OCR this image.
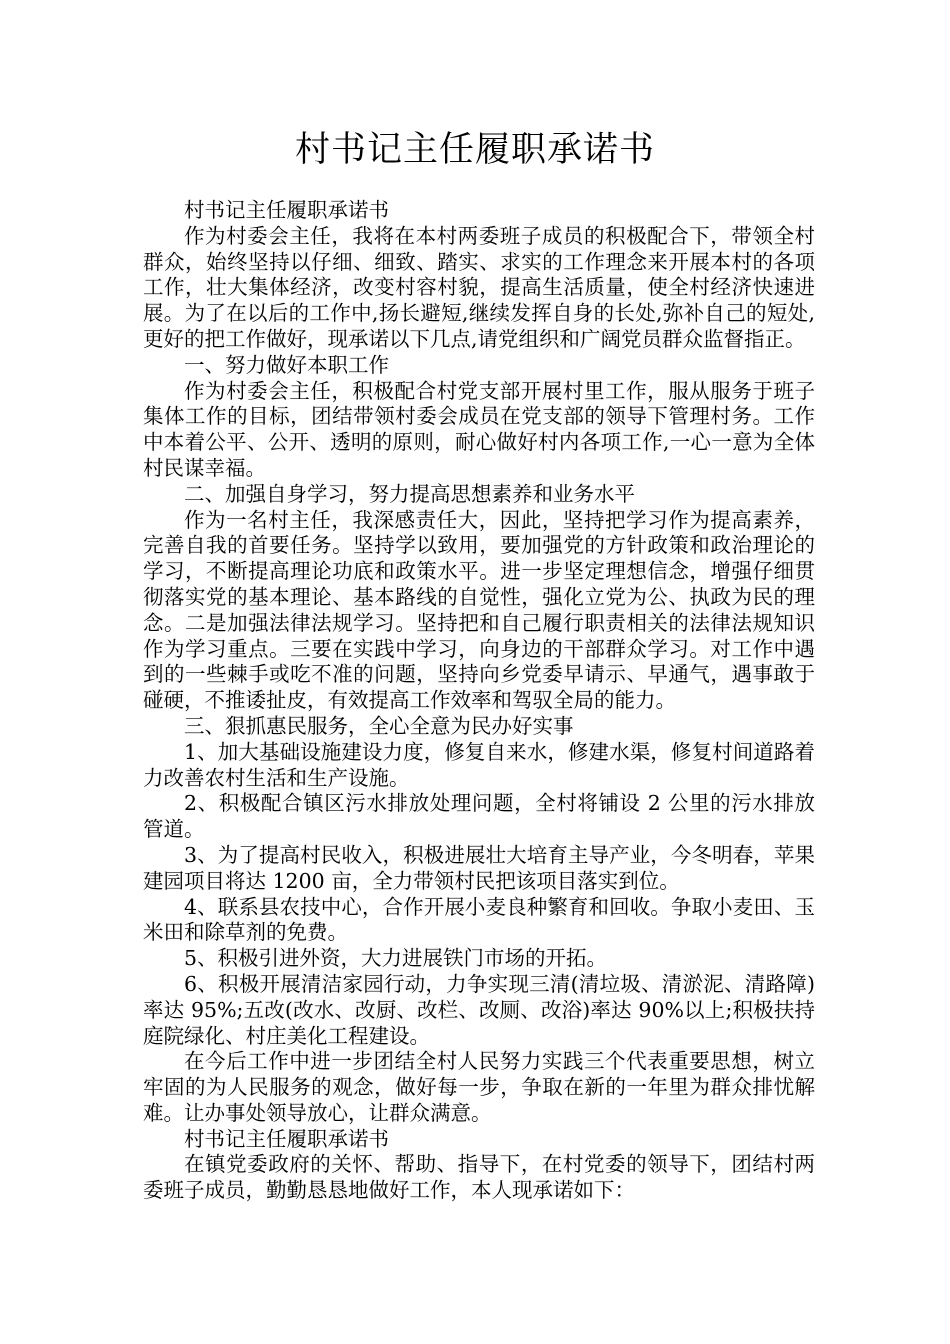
村书记主任履职承诺书

村书记主任履职承诺书

作为村委会主任，我将在本村两委班子成员的积极配合下，带领全村群众，始终坚持以仔细、细致、踏实、求实的工作理念来开展本村的各项工作，壮大集体经济，改变村容村貌，提高生活质量，使全村经济快速进展。为了在以后的工作中,扬长避短,继续发挥自身的长处,弥补自己的短处,更好的把工作做好，现承诺以下几点,请党组织和广阔党员群众监督指正。

一、努力做好本职工作

作为村委会主任，积极配合村党支部开展村里工作，服从服务于班子集体工作的目标，团结带领村委会成员在党支部的领导下管理村务。工作中本着公平、公开、透明的原则，耐心做好村内各项工作,一心一意为全体村民谋幸福。

二、加强自身学习，努力提高思想素养和业务水平

作为一名村主任，我深感责任大，因此，坚持把学习作为提高素养，完善自我的首要任务。坚持学以致用，要加强党的方针政策和政治理论的学习，不断提高理论功底和政策水平。进一步坚定理想信念，增强仔细贯彻落实党的基本理论、基本路线的自觉性，强化立党为公、执政为民的理念。二是加强法律法规学习。坚持把和自己履行职责相关的法律法规知识作为学习重点。三要在实践中学习，向身边的干部群众学习。对工作中遇到的一些棘手或吃不准的问题，坚持向乡党委早请示、早通气，遇事敢于碰硬，不推诿扯皮，有效提高工作效率和驾驭全局的能力。

三、狠抓惠民服务，全心全意为民办好实事

1、加大基础设施建设力度，修复自来水，修建水渠，修复村间道路着力改善农村生活和生产设施。

2、积极配合镇区污水排放处理问题，全村将铺设 2 公里的污水排放管道。

3、为了提高村民收入，积极进展壮大培育主导产业，今冬明春，苹果建园项目将达 1200 亩，全力带领村民把该项目落实到位。

4、联系县农技中心，合作开展小麦良种繁育和回收。争取小麦田、玉米田和除草剂的免费。

5、积极引进外资，大力进展铁门市场的开拓。

6、积极开展清洁家园行动，力争实现三清(清垃圾、清淤泥、清路障)率达 95%;五改(改水、改厨、改栏、改厕、改浴)率达 90%以上;积极扶持庭院绿化、村庄美化工程建设。

在今后工作中进一步团结全村人民努力实践三个代表重要思想，树立牢固的为人民服务的观念，做好每一步，争取在新的一年里为群众排忧解难。让办事处领导放心，让群众满意。

村书记主任履职承诺书

在镇党委政府的关怀、帮助、指导下，在村党委的领导下，团结村两委班子成员，勤勤恳恳地做好工作，本人现承诺如下：
